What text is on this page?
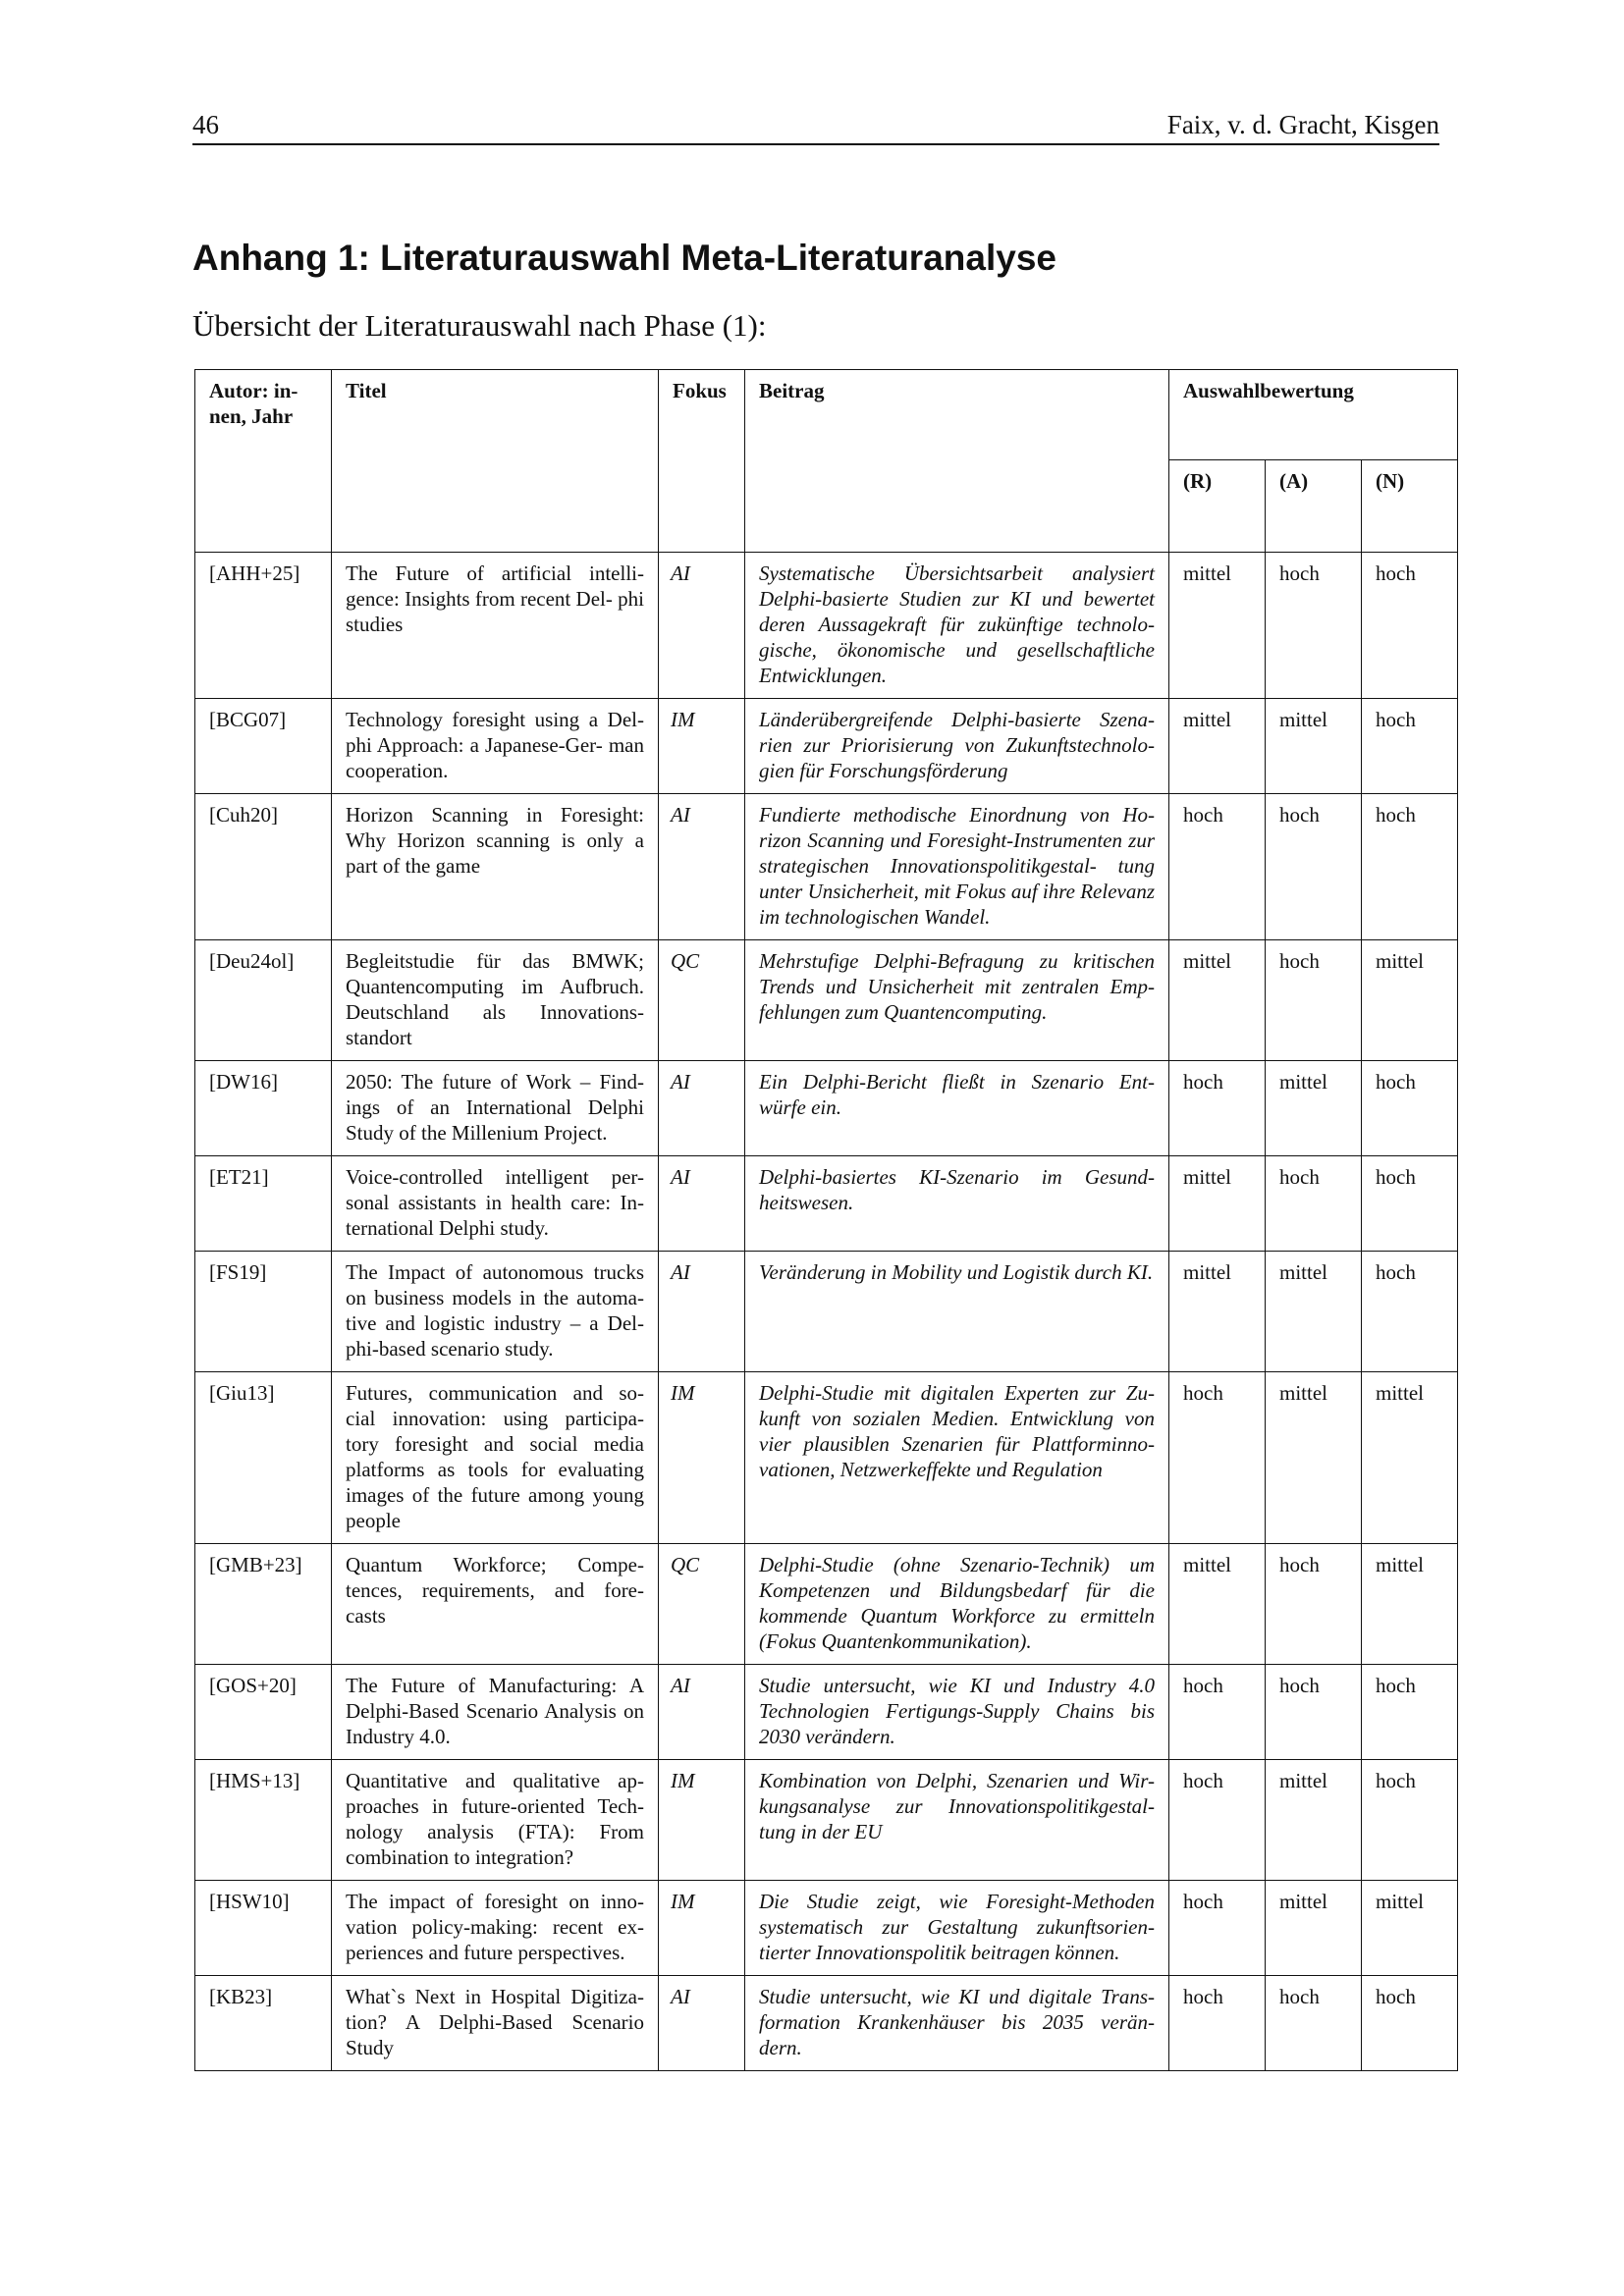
46	Faix, v. d. Gracht, Kisgen
Anhang 1: Literaturauswahl Meta-Literaturanalyse

Übersicht der Literaturauswahl nach Phase (1):

Autor: in- nen, Jahr	Titel	Fokus	Beitrag	Auswahlbewertung		
				(R)	(A)	(N)
[AHH+25]	The Future of artificial intelli- gence: Insights from recent Del- phi studies	AI	Systematische Übersichtsarbeit analysiert Delphi-basierte Studien zur KI und bewertet deren Aussagekraft für zukünftige technolo- gische, ökonomische und gesellschaftliche Entwicklungen.	mittel	hoch	hoch
[BCG07]	Technology foresight using a Del- phi Approach: a Japanese-Ger- man cooperation.	IM	Länderübergreifende Delphi-basierte Szena- rien zur Priorisierung von Zukunftstechnolo- gien für Forschungsförderung	mittel	mittel	hoch
[Cuh20]	Horizon Scanning in Foresight: Why Horizon scanning is only a part of the game	AI	Fundierte methodische Einordnung von Ho- rizon Scanning und Foresight-Instrumenten zur strategischen Innovationspolitikgestal- tung unter Unsicherheit, mit Fokus auf ihre Relevanz im technologischen Wandel.	hoch	hoch	hoch
[Deu24ol]	Begleitstudie für das BMWK; Quantencomputing im Aufbruch. Deutschland als Innovations- standort	QC	Mehrstufige Delphi-Befragung zu kritischen Trends und Unsicherheit mit zentralen Emp- fehlungen zum Quantencomputing.	mittel	hoch	mittel
[DW16]	2050: The future of Work – Find- ings of an International Delphi Study of the Millenium Project.	AI	Ein Delphi-Bericht fließt in Szenario Ent- würfe ein.	hoch	mittel	hoch
[ET21]	Voice-controlled intelligent per- sonal assistants in health care: In- ternational Delphi study.	AI	Delphi-basiertes KI-Szenario im Gesund- heitswesen.	mittel	hoch	hoch
[FS19]	The Impact of autonomous trucks on business models in the automa- tive and logistic industry – a Del- phi-based scenario study.	AI	Veränderung in Mobility und Logistik durch KI.	mittel	mittel	hoch
[Giu13]	Futures, communication and so- cial innovation: using participa- tory foresight and social media platforms as tools for evaluating images of the future among young people	IM	Delphi-Studie mit digitalen Experten zur Zu- kunft von sozialen Medien. Entwicklung von vier plausiblen Szenarien für Plattforminno- vationen, Netzwerkeffekte und Regulation	hoch	mittel	mittel
[GMB+23]	Quantum Workforce; Compe- tences, requirements, and fore- casts	QC	Delphi-Studie (ohne Szenario-Technik) um Kompetenzen und Bildungsbedarf für die kommende Quantum Workforce zu ermitteln (Fokus Quantenkommunikation).	mittel	hoch	mittel
[GOS+20]	The Future of Manufacturing: A Delphi-Based Scenario Analysis on Industry 4.0.	AI	Studie untersucht, wie KI und Industry 4.0 Technologien Fertigungs-Supply Chains bis 2030 verändern.	hoch	hoch	hoch
[HMS+13]	Quantitative and qualitative ap- proaches in future-oriented Tech- nology analysis (FTA): From combination to integration?	IM	Kombination von Delphi, Szenarien und Wir- kungsanalyse zur Innovationspolitikgestal- tung in der EU	hoch	mittel	hoch
[HSW10]	The impact of foresight on inno- vation policy-making: recent ex- periences and future perspectives.	IM	Die Studie zeigt, wie Foresight-Methoden systematisch zur Gestaltung zukunftsorien- tierter Innovationspolitik beitragen können.	hoch	mittel	mittel
[KB23]	What`s Next in Hospital Digitiza- tion? A Delphi-Based Scenario Study	AI	Studie untersucht, wie KI und digitale Trans- formation Krankenhäuser bis 2035 verän- dern.	hoch	hoch	hoch
